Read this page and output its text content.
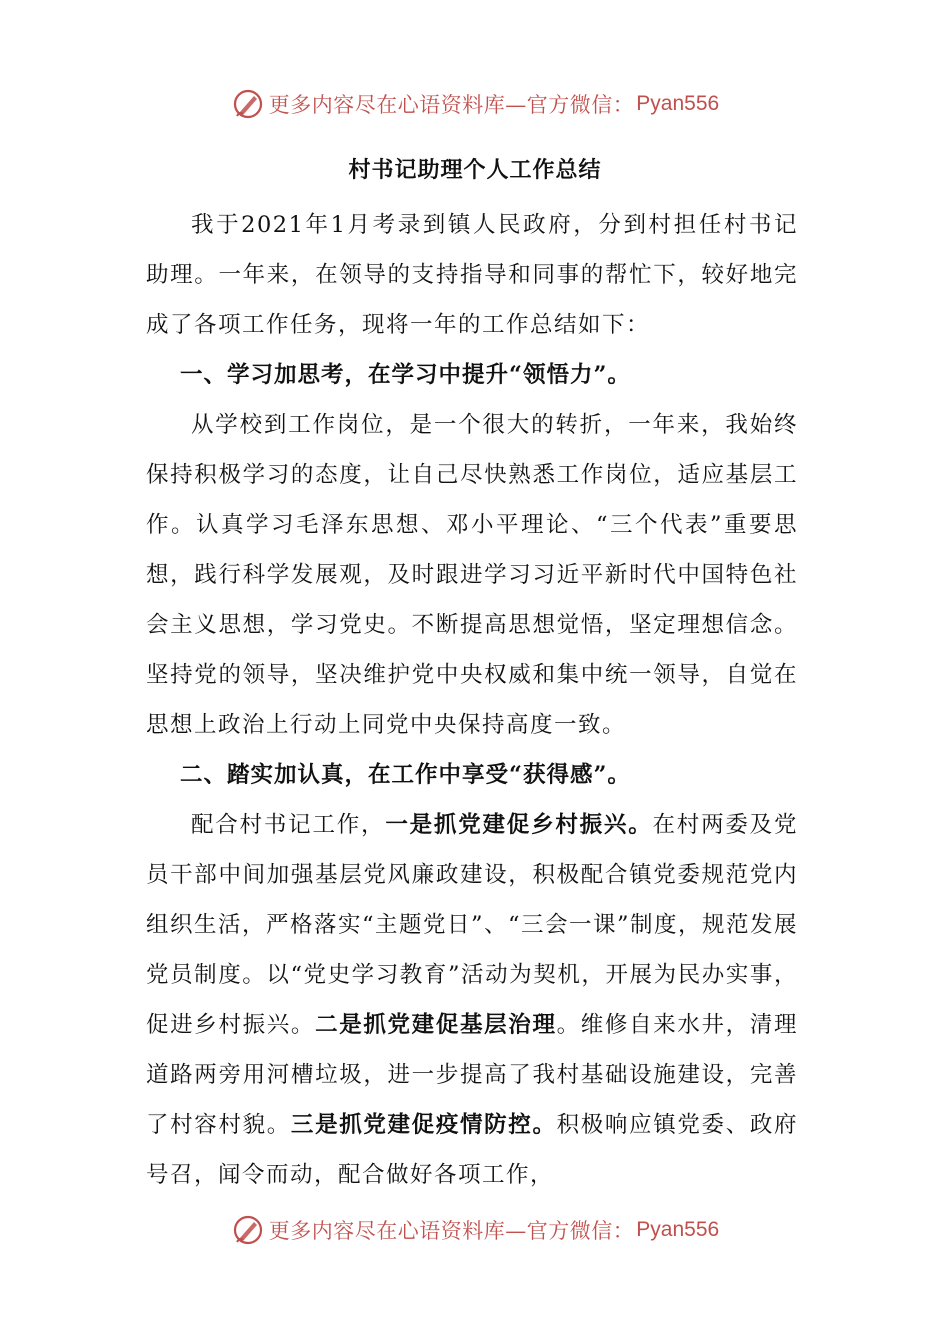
更多内容尽在心语资料库—官方微信： Pyan556
村书记助理个人工作总结

我于2021年1月考录到镇人民政府，分到村担任村书记助理。一年来，在领导的支持指导和同事的帮忙下，较好地完成了各项工作任务，现将一年的工作总结如下：

一、学习加思考，在学习中提升“领悟力”。

从学校到工作岗位，是一个很大的转折，一年来，我始终保持积极学习的态度，让自己尽快熟悉工作岗位，适应基层工作。认真学习毛泽东思想、邓小平理论、“三个代表”重要思想，践行科学发展观，及时跟进学习习近平新时代中国特色社会主义思想，学习党史。不断提高思想觉悟，坚定理想信念。坚持党的领导，坚决维护党中央权威和集中统一领导，自觉在思想上政治上行动上同党中央保持高度一致。

二、踏实加认真，在工作中享受“获得感”。

配合村书记工作，一是抓党建促乡村振兴。在村两委及党员干部中间加强基层党风廉政建设，积极配合镇党委规范党内组织生活，严格落实“主题党日”、“三会一课”制度，规范发展党员制度。以“党史学习教育”活动为契机，开展为民办实事，促进乡村振兴。二是抓党建促基层治理。维修自来水井，清理道路两旁用河槽垃圾，进一步提高了我村基础设施建设，完善了村容村貌。三是抓党建促疫情防控。积极响应镇党委、政府号召，闻令而动，配合做好各项工作，

更多内容尽在心语资料库—官方微信： Pyan556
